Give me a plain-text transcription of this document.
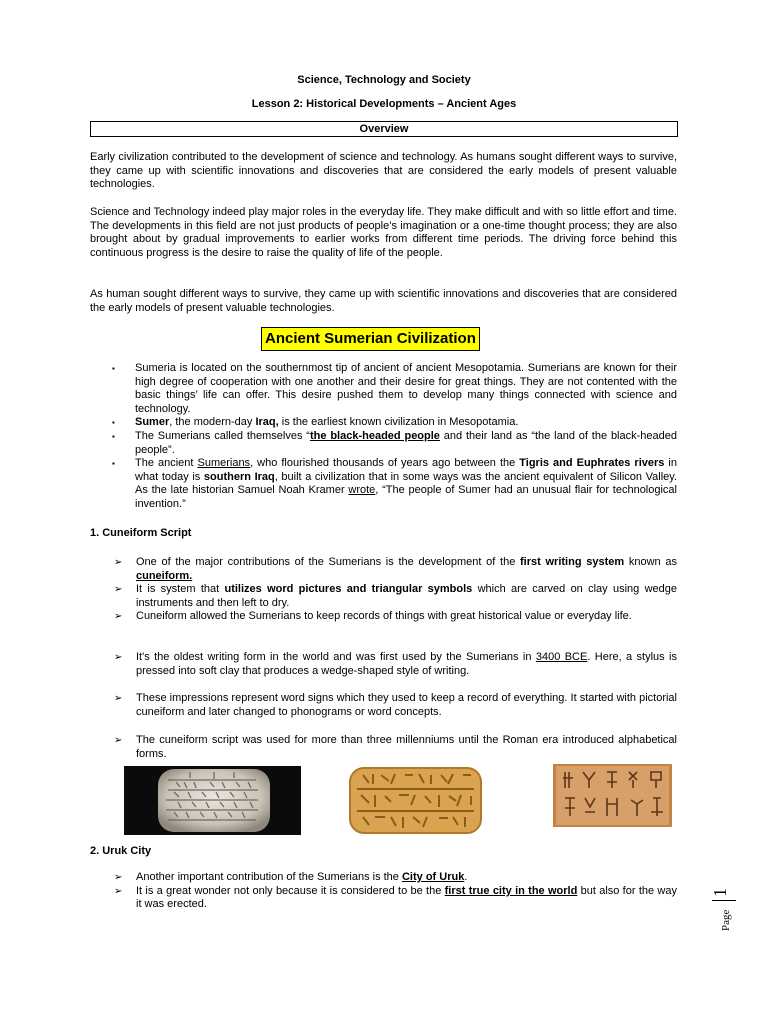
Science, Technology and Society
Lesson 2: Historical Developments – Ancient Ages
Overview
Early civilization contributed to the development of science and technology. As humans sought different ways to survive, they came up with scientific innovations and discoveries that are considered the early models of present valuable technologies.
Science and Technology indeed play major roles in the everyday life. They make difficult and with so little effort and time. The developments in this field are not just products of people’s imagination or a one-time thought process; they are also brought about by gradual improvements to earlier works from different time periods. The driving force behind this continuous progress is the desire to raise the quality of life of the people.
As human sought different ways to survive, they came up with scientific innovations and discoveries that are considered the early models of present valuable technologies.
Ancient Sumerian Civilization
▪ Sumeria is located on the southernmost tip of ancient of ancient Mesopotamia. Sumerians are known for their high degree of cooperation with one another and their desire for great things. They are not contented with the basic things’ life can offer. This desire pushed them to develop many things connected with science and technology.
▪ Sumer, the modern-day Iraq, is the earliest known civilization in Mesopotamia.
▪ The Sumerians called themselves “the black-headed people and their land as “the land of the black-headed people”.
▪ The ancient Sumerians, who flourished thousands of years ago between the Tigris and Euphrates rivers in what today is southern Iraq, built a civilization that in some ways was the ancient equivalent of Silicon Valley. As the late historian Samuel Noah Kramer wrote, “The people of Sumer had an unusual flair for technological invention.”
1. Cuneiform Script
➢ One of the major contributions of the Sumerians is the development of the first writing system known as cuneiform.
➢ It is system that utilizes word pictures and triangular symbols which are carved on clay using wedge instruments and then left to dry.
➢ Cuneiform allowed the Sumerians to keep records of things with great historical value or everyday life.
➢ It's the oldest writing form in the world and was first used by the Sumerians in 3400 BCE. Here, a stylus is pressed into soft clay that produces a wedge-shaped style of writing.
➢ These impressions represent word signs which they used to keep a record of everything. It started with pictorial cuneiform and later changed to phonograms or word concepts.
➢ The cuneiform script was used for more than three millenniums until the Roman era introduced alphabetical forms.
2. Uruk City
➢ Another important contribution of the Sumerians is the City of Uruk.
➢ It is a great wonder not only because it is considered to be the first true city in the world but also for the way it was erected.
Page
1
